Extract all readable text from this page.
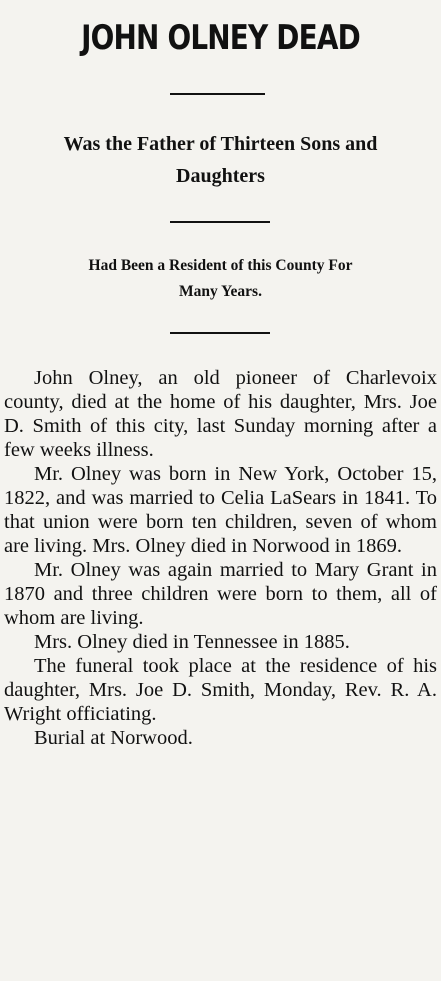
JOHN OLNEY DEAD
Was the Father of Thirteen Sons and
Daughters
Had Been a Resident of this County For
Many Years.

John Olney, an old pioneer of Charlevoix county, died at the home of his daughter, Mrs. Joe D. Smith of this city, last Sunday morning after a few weeks illness.

Mr. Olney was born in New York, October 15, 1822, and was married to Celia LaSears in 1841. To that union were born ten children, seven of whom are living. Mrs. Olney died in Norwood in 1869.

Mr. Olney was again married to Mary Grant in 1870 and three children were born to them, all of whom are living.

Mrs. Olney died in Tennessee in 1885.

The funeral took place at the residence of his daughter, Mrs. Joe D. Smith, Monday, Rev. R. A. Wright officiating.

Burial at Norwood.
